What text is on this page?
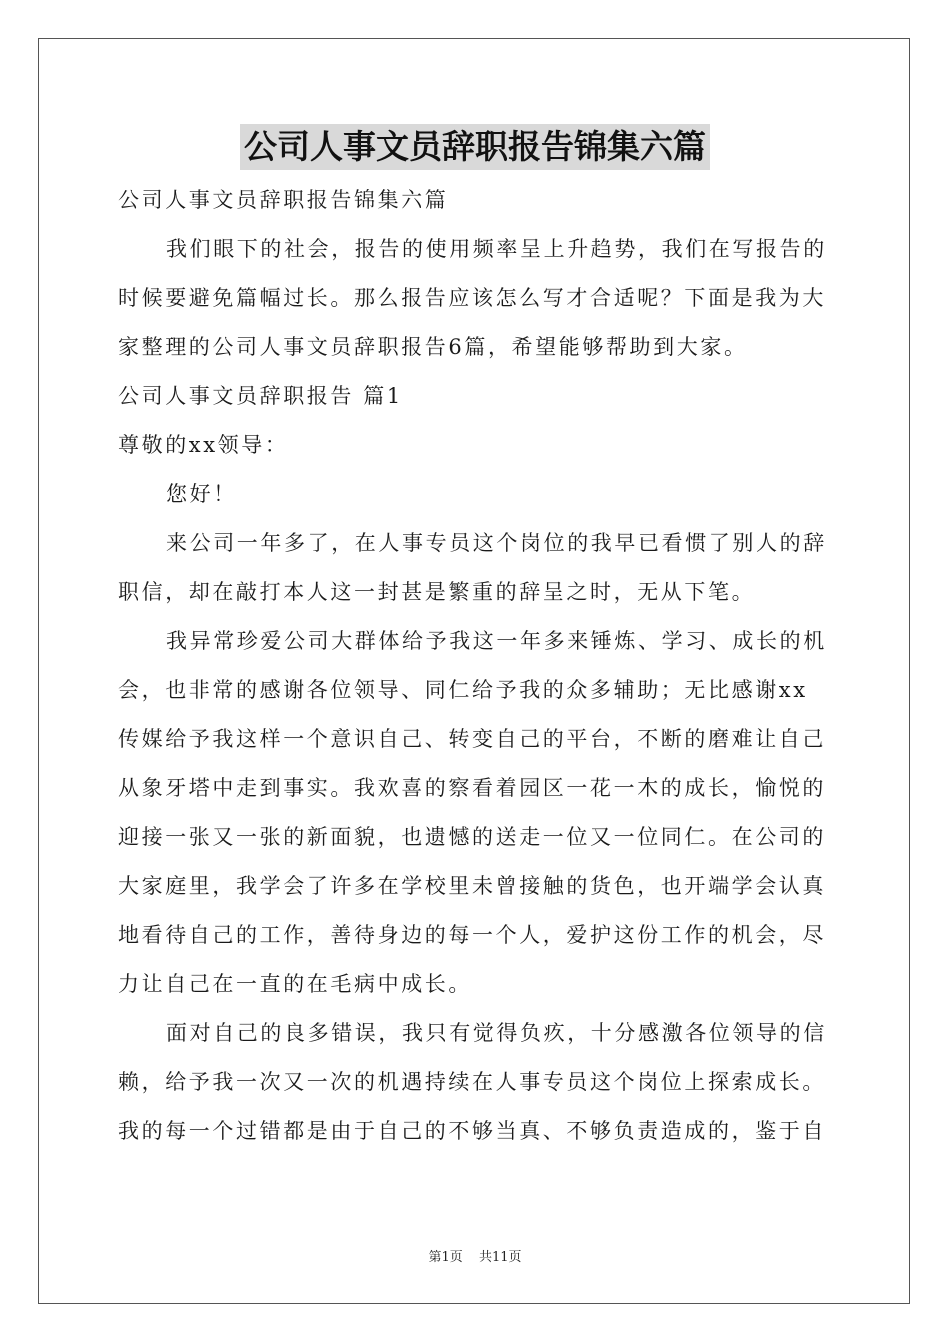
公司人事文员辞职报告锦集六篇
公司人事文员辞职报告锦集六篇
我们眼下的社会，报告的使用频率呈上升趋势，我们在写报告的
时候要避免篇幅过长。那么报告应该怎么写才合适呢？下面是我为大
家整理的公司人事文员辞职报告6篇，希望能够帮助到大家。
公司人事文员辞职报告 篇1
尊敬的xx领导：
您好！
来公司一年多了，在人事专员这个岗位的我早已看惯了别人的辞
职信，却在敲打本人这一封甚是繁重的辞呈之时，无从下笔。
我异常珍爱公司大群体给予我这一年多来锤炼、学习、成长的机
会，也非常的感谢各位领导、同仁给予我的众多辅助；无比感谢xx
传媒给予我这样一个意识自己、转变自己的平台，不断的磨难让自己
从象牙塔中走到事实。我欢喜的察看着园区一花一木的成长，愉悦的
迎接一张又一张的新面貌，也遗憾的送走一位又一位同仁。在公司的
大家庭里，我学会了许多在学校里未曾接触的货色，也开端学会认真
地看待自己的工作，善待身边的每一个人，爱护这份工作的机会，尽
力让自己在一直的在毛病中成长。
面对自己的良多错误，我只有觉得负疚，十分感激各位领导的信
赖，给予我一次又一次的机遇持续在人事专员这个岗位上探索成长。
我的每一个过错都是由于自己的不够当真、不够负责造成的，鉴于自
第1页 共11页
